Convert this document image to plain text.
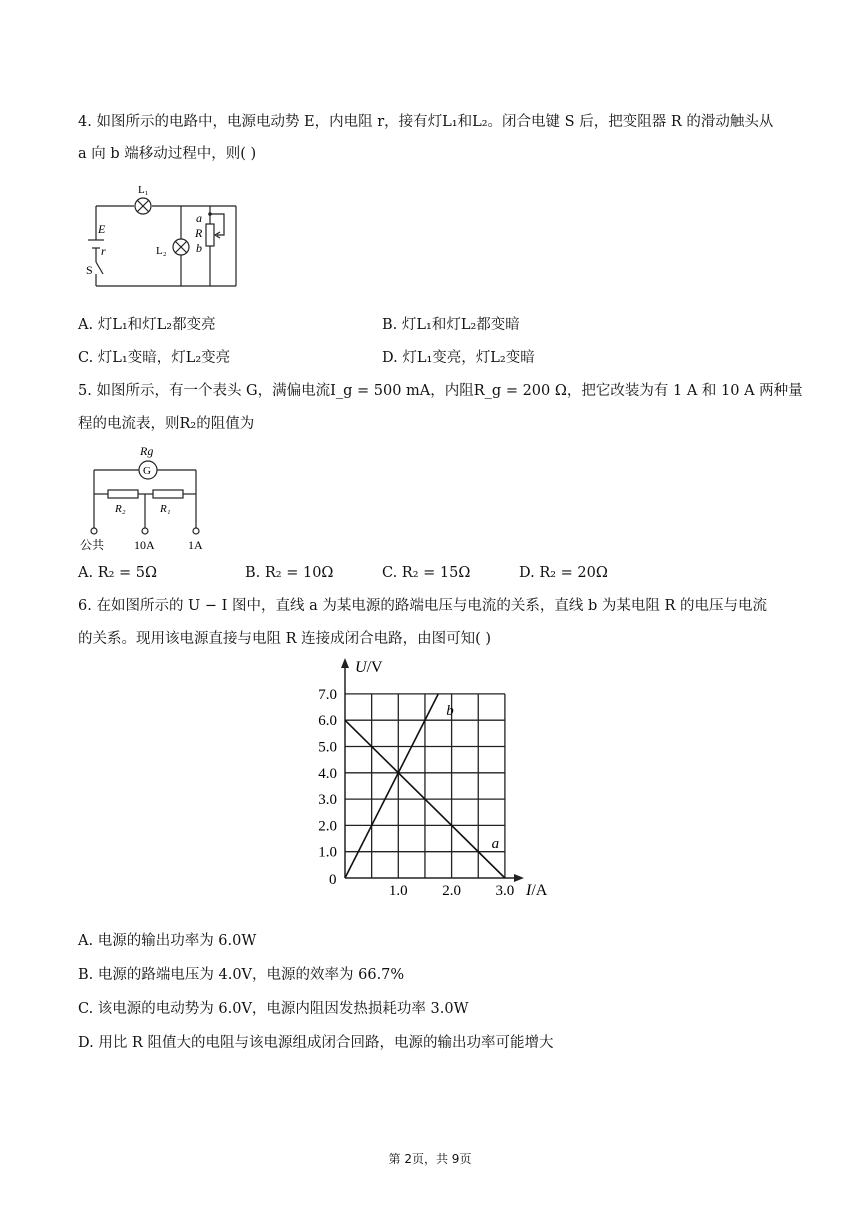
4. 如图所示的电路中，电源电动势 E，内电阻 r，接有灯L₁和L₂。闭合电键 S 后，把变阻器 R 的滑动触头从
a 向 b 端移动过程中，则( )
L₁
L₂
E
r
S
a
R
b
A. 灯L₁和灯L₂都变亮	B. 灯L₁和灯L₂都变暗
C. 灯L₁变暗，灯L₂变亮	D. 灯L₁变亮，灯L₂变暗
5. 如图所示，有一个表头 G，满偏电流I_g = 500 mA，内阻R_g = 200 Ω，把它改装为有 1 A 和 10 A 两种量
程的电流表，则R₂的阻值为
Rg
G
R₂	R₁
公共 10A	1A
A. R₂ = 5Ω	B. R₂ = 10Ω	C. R₂ = 15Ω	D. R₂ = 20Ω
6. 在如图所示的 U − I 图中，直线 a 为某电源的路端电压与电流的关系，直线 b 为某电阻 R 的电压与电流
的关系。现用该电源直接与电阻 R 连接成闭合电路，由图可知( )
a
b
1.0
2.0
3.0
4.0
5.0
6.0
7.0
1.0 2.0 3.0
0
U/V
I/A
A. 电源的输出功率为 6.0W
B. 电源的路端电压为 4.0V，电源的效率为 66.7%
C. 该电源的电动势为 6.0V，电源内阻因发热损耗功率 3.0W
D. 用比 R 阻值大的电阻与该电源组成闭合回路，电源的输出功率可能增大
第 2页，共 9页
